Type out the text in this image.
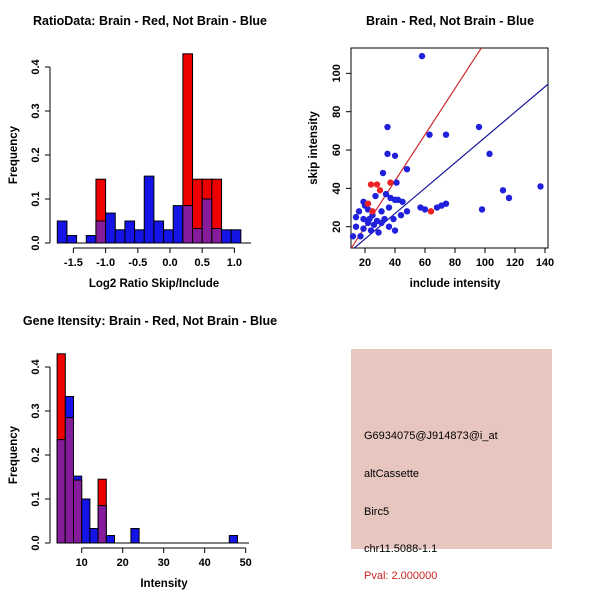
RatioData: Brain - Red, Not Brain - Blue
Log2 Ratio Skip/Include
Frequency
0.0
0.1
0.2
0.3
0.4
-1.5 -1.0 -0.5 0.0 0.5 1.0
Brain - Red, Not Brain - Blue
include intensity
skip intensity
20 40 60 80 100 120 140
20
40
60
80
100
Gene Itensity: Brain - Red, Not Brain - Blue
Intensity
Frequency
0.0
0.1
0.2
0.3
0.4
10	20	30	40	50
G6934075@J914873@i_at
altCassette
Birc5
chr11.5088-1.1
Pval: 2.000000
